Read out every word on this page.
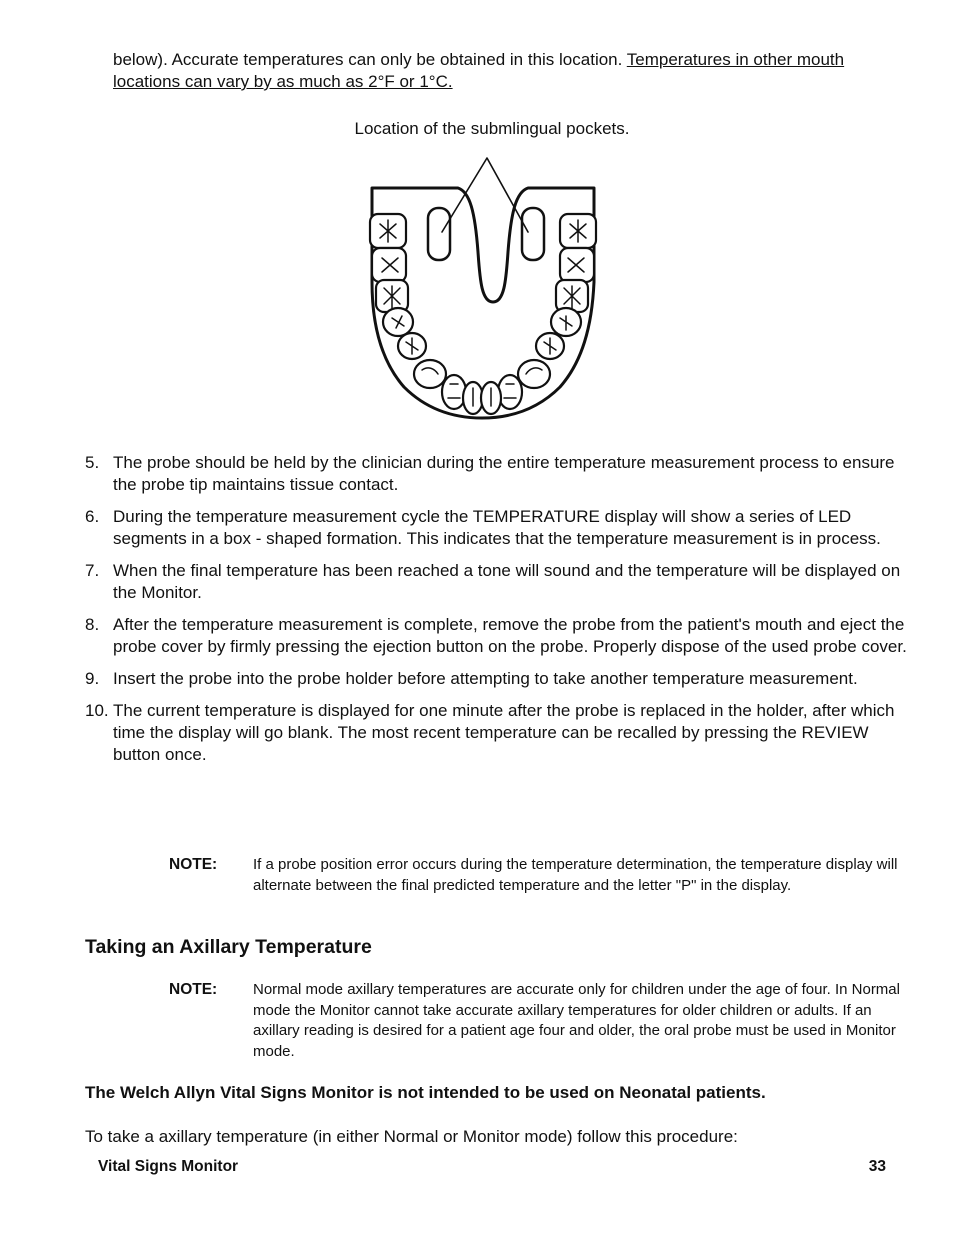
below). Accurate temperatures can only be obtained in this location. Temperatures in other mouth locations can vary by as much as 2°F or 1°C.
Location of the submlingual pockets.
5. The probe should be held by the clinician during the entire temperature measurement process to ensure the probe tip maintains tissue contact.
6. During the temperature measurement cycle the TEMPERATURE display will show a series of LED segments in a box - shaped formation. This indicates that the temperature measurement is in process.
7. When the final temperature has been reached a tone will sound and the temperature will be displayed on the Monitor.
8. After the temperature measurement is complete, remove the probe from the patient's mouth and eject the probe cover by firmly pressing the ejection button on the probe. Properly dispose of the used probe cover.
9. Insert the probe into the probe holder before attempting to take another temperature measurement.
10. The current temperature is displayed for one minute after the probe is replaced in the holder, after which time the display will go blank. The most recent temperature can be recalled by pressing the REVIEW button once.
NOTE: If a probe position error occurs during the temperature determination, the temperature display will alternate between the final predicted temperature and the letter "P" in the display.
Taking an Axillary Temperature
NOTE: Normal mode axillary temperatures are accurate only for children under the age of four. In Normal mode the Monitor cannot take accurate axillary temperatures for older children or adults. If an axillary reading is desired for a patient age four and older, the oral probe must be used in Monitor mode.
The Welch Allyn Vital Signs Monitor is not intended to be used on Neonatal patients.
To take a axillary temperature (in either Normal or Monitor mode) follow this procedure:
Vital Signs Monitor	33
